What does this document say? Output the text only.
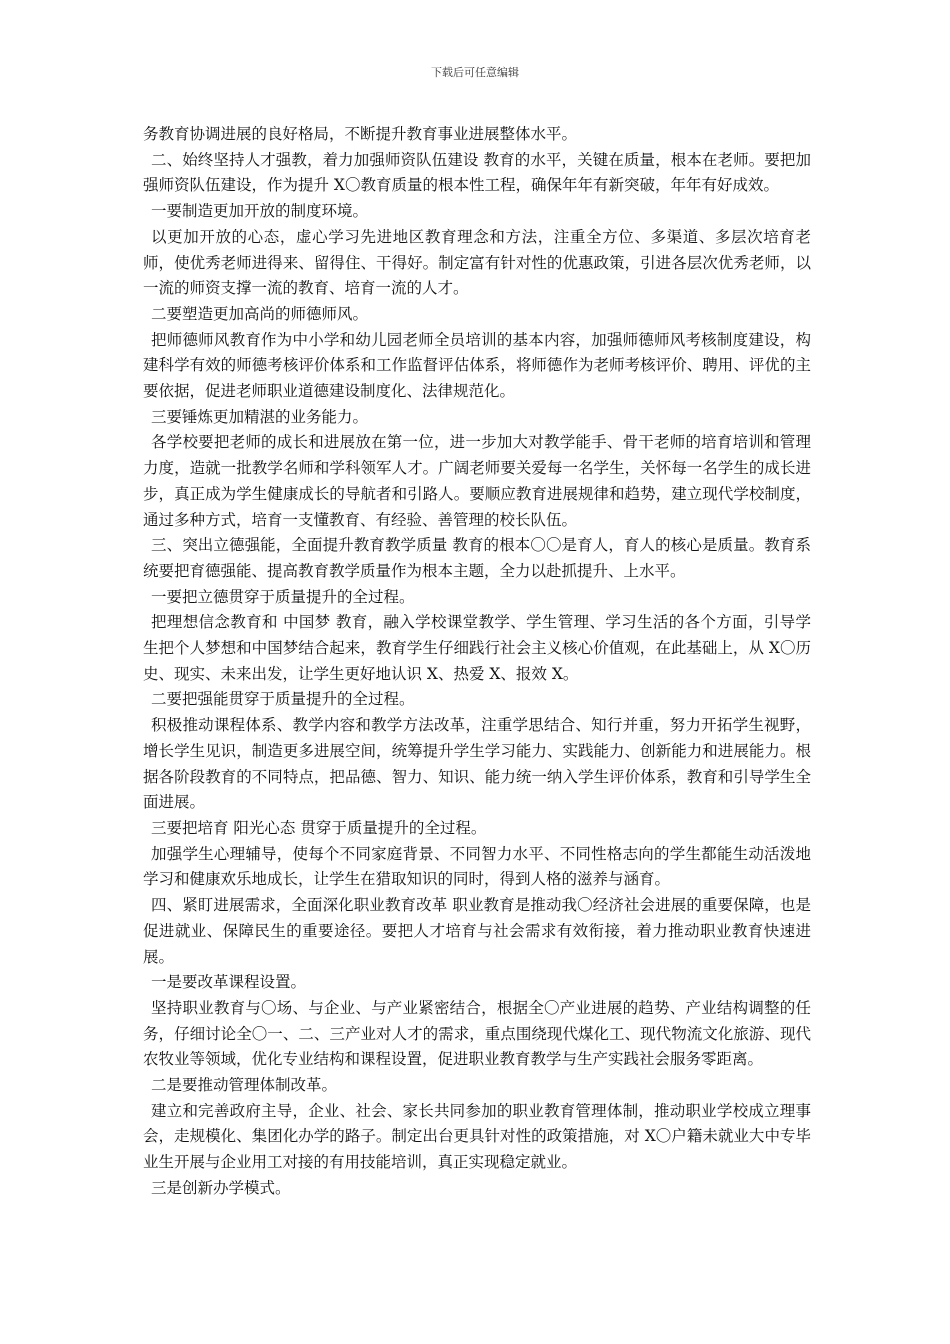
下载后可任意编辑

务教育协调进展的良好格局，不断提升教育事业进展整体水平。

二、始终坚持人才强教，着力加强师资队伍建设 教育的水平，关键在质量，根本在老师。要把加强师资队伍建设，作为提升 X〇教育质量的根本性工程，确保年年有新突破，年年有好成效。

一要制造更加开放的制度环境。

以更加开放的心态，虚心学习先进地区教育理念和方法，注重全方位、多渠道、多层次培育老师，使优秀老师进得来、留得住、干得好。制定富有针对性的优惠政策，引进各层次优秀老师，以一流的师资支撑一流的教育、培育一流的人才。

二要塑造更加高尚的师德师风。

把师德师风教育作为中小学和幼儿园老师全员培训的基本内容，加强师德师风考核制度建设，构建科学有效的师德考核评价体系和工作监督评估体系，将师德作为老师考核评价、聘用、评优的主要依据，促进老师职业道德建设制度化、法律规范化。

三要锤炼更加精湛的业务能力。

各学校要把老师的成长和进展放在第一位，进一步加大对教学能手、骨干老师的培育培训和管理力度，造就一批教学名师和学科领军人才。广阔老师要关爱每一名学生，关怀每一名学生的成长进步，真正成为学生健康成长的导航者和引路人。要顺应教育进展规律和趋势，建立现代学校制度，通过多种方式，培育一支懂教育、有经验、善管理的校长队伍。

三、突出立德强能，全面提升教育教学质量 教育的根本〇〇是育人，育人的核心是质量。教育系统要把育德强能、提高教育教学质量作为根本主题，全力以赴抓提升、上水平。

一要把立德贯穿于质量提升的全过程。

把理想信念教育和 中国梦 教育，融入学校课堂教学、学生管理、学习生活的各个方面，引导学生把个人梦想和中国梦结合起来，教育学生仔细践行社会主义核心价值观，在此基础上，从 X〇历史、现实、未来出发，让学生更好地认识 X、热爱 X、报效 X。

二要把强能贯穿于质量提升的全过程。

积极推动课程体系、教学内容和教学方法改革，注重学思结合、知行并重，努力开拓学生视野，增长学生见识，制造更多进展空间，统筹提升学生学习能力、实践能力、创新能力和进展能力。根据各阶段教育的不同特点，把品德、智力、知识、能力统一纳入学生评价体系，教育和引导学生全面进展。

三要把培育 阳光心态 贯穿于质量提升的全过程。

加强学生心理辅导，使每个不同家庭背景、不同智力水平、不同性格志向的学生都能生动活泼地学习和健康欢乐地成长，让学生在猎取知识的同时，得到人格的滋养与涵育。

四、紧盯进展需求，全面深化职业教育改革 职业教育是推动我〇经济社会进展的重要保障，也是促进就业、保障民生的重要途径。要把人才培育与社会需求有效衔接，着力推动职业教育快速进展。

一是要改革课程设置。

坚持职业教育与〇场、与企业、与产业紧密结合，根据全〇产业进展的趋势、产业结构调整的任务，仔细讨论全〇一、二、三产业对人才的需求，重点围绕现代煤化工、现代物流文化旅游、现代农牧业等领域，优化专业结构和课程设置，促进职业教育教学与生产实践社会服务零距离。

二是要推动管理体制改革。

建立和完善政府主导，企业、社会、家长共同参加的职业教育管理体制，推动职业学校成立理事会，走规模化、集团化办学的路子。制定出台更具针对性的政策措施，对 X〇户籍未就业大中专毕业生开展与企业用工对接的有用技能培训，真正实现稳定就业。

三是创新办学模式。
